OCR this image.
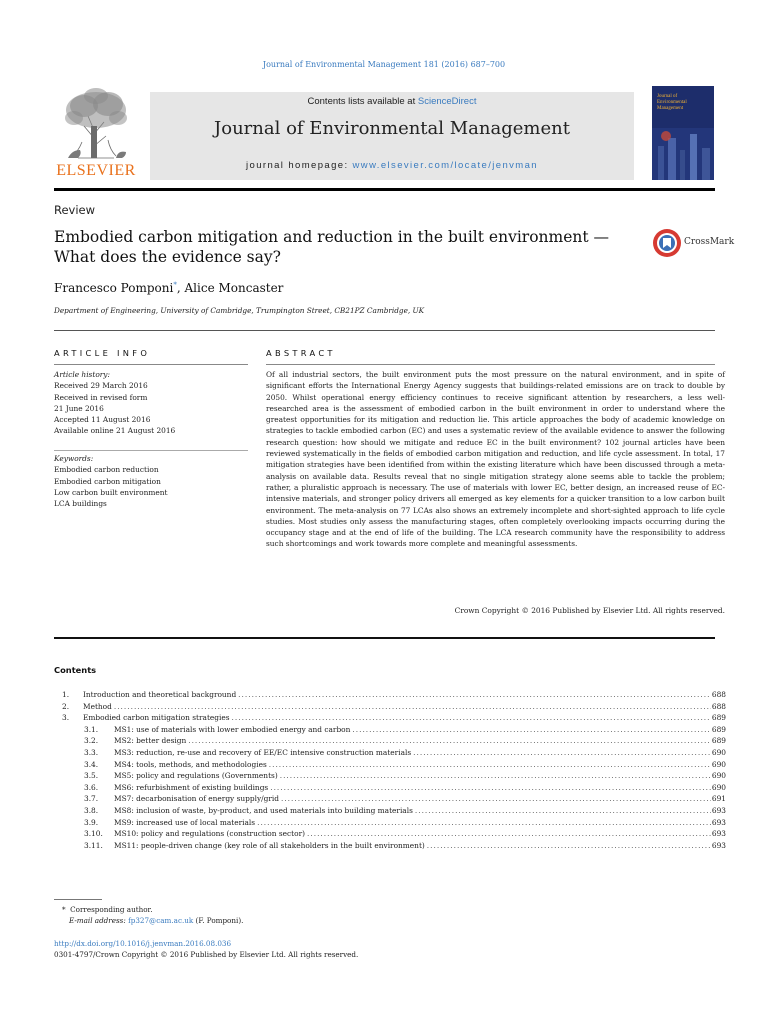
Journal of Environmental Management 181 (2016) 687–700
ELSEVIER
Contents lists available at ScienceDirect
Journal of Environmental Management
journal homepage: www.elsevier.com/locate/jenvman
Journal of
Environmental
Management
Review
Embodied carbon mitigation and reduction in the built environment —
What does the evidence say?
CrossMark
Francesco Pomponi*, Alice Moncaster
Department of Engineering, University of Cambridge, Trumpington Street, CB21PZ Cambridge, UK
ARTICLE INFO
Article history:
Received 29 March 2016
Received in revised form
21 June 2016
Accepted 11 August 2016
Available online 21 August 2016
Keywords:
Embodied carbon reduction
Embodied carbon mitigation
Low carbon built environment
LCA buildings
ABSTRACT
Of all industrial sectors, the built environment puts the most pressure on the natural environment, and in spite of significant efforts the International Energy Agency suggests that buildings-related emissions are on track to double by 2050. Whilst operational energy efficiency continues to receive significant attention by researchers, a less well-researched area is the assessment of embodied carbon in the built environment in order to understand where the greatest opportunities for its mitigation and reduction lie. This article approaches the body of academic knowledge on strategies to tackle embodied carbon (EC) and uses a systematic review of the available evidence to answer the following research question: how should we mitigate and reduce EC in the built environment? 102 journal articles have been reviewed systematically in the fields of embodied carbon mitigation and reduction, and life cycle assessment. In total, 17 mitigation strategies have been identified from within the existing literature which have been discussed through a meta-analysis on available data. Results reveal that no single mitigation strategy alone seems able to tackle the problem; rather, a pluralistic approach is necessary. The use of materials with lower EC, better design, an increased reuse of EC-intensive materials, and stronger policy drivers all emerged as key elements for a quicker transition to a low carbon built environment. The meta-analysis on 77 LCAs also shows an extremely incomplete and short-sighted approach to life cycle studies. Most studies only assess the manufacturing stages, often completely overlooking impacts occurring during the occupancy stage and at the end of life of the building. The LCA research community have the responsibility to address such shortcomings and work towards more complete and meaningful assessments.
Crown Copyright © 2016 Published by Elsevier Ltd. All rights reserved.
Contents
1. Introduction and theoretical background .....	688
2. Method .....	688
3. Embodied carbon mitigation strategies .....	689
3.1. MS1: use of materials with lower embodied energy and carbon .....	689
3.2. MS2: better design .....	689
3.3. MS3: reduction, re-use and recovery of EE/EC intensive construction materials .....	690
3.4. MS4: tools, methods, and methodologies .....	690
3.5. MS5: policy and regulations (Governments) .....	690
3.6. MS6: refurbishment of existing buildings .....	690
3.7. MS7: decarbonisation of energy supply/grid .....	691
3.8. MS8: inclusion of waste, by-product, and used materials into building materials .....	693
3.9. MS9: increased use of local materials .....	693
3.10. MS10: policy and regulations (construction sector) .....	693
3.11. MS11: people-driven change (key role of all stakeholders in the built environment) .....	693
* Corresponding author.
E-mail address: fp327@cam.ac.uk (F. Pomponi).
http://dx.doi.org/10.1016/j.jenvman.2016.08.036
0301-4797/Crown Copyright © 2016 Published by Elsevier Ltd. All rights reserved.
